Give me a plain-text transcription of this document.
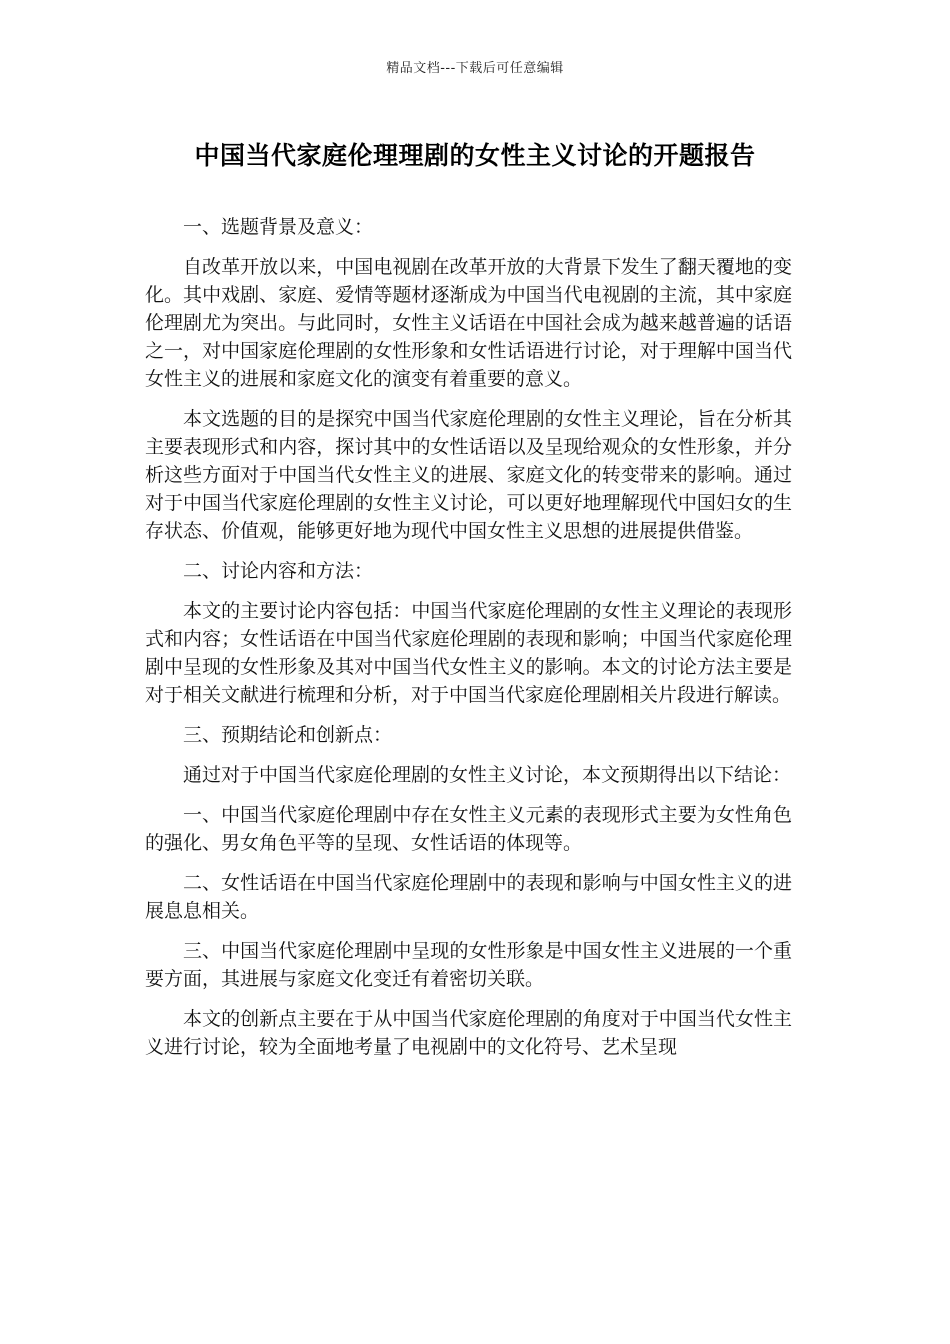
精品文档---下载后可任意编辑
中国当代家庭伦理理剧的女性主义讨论的开题报告

一、选题背景及意义：

自改革开放以来，中国电视剧在改革开放的大背景下发生了翻天覆地的变化。其中戏剧、家庭、爱情等题材逐渐成为中国当代电视剧的主流，其中家庭伦理剧尤为突出。与此同时，女性主义话语在中国社会成为越来越普遍的话语之一，对中国家庭伦理剧的女性形象和女性话语进行讨论，对于理解中国当代女性主义的进展和家庭文化的演变有着重要的意义。

本文选题的目的是探究中国当代家庭伦理剧的女性主义理论，旨在分析其主要表现形式和内容，探讨其中的女性话语以及呈现给观众的女性形象，并分析这些方面对于中国当代女性主义的进展、家庭文化的转变带来的影响。通过对于中国当代家庭伦理剧的女性主义讨论，可以更好地理解现代中国妇女的生存状态、价值观，能够更好地为现代中国女性主义思想的进展提供借鉴。

二、讨论内容和方法：

本文的主要讨论内容包括：中国当代家庭伦理剧的女性主义理论的表现形式和内容；女性话语在中国当代家庭伦理剧的表现和影响；中国当代家庭伦理剧中呈现的女性形象及其对中国当代女性主义的影响。本文的讨论方法主要是对于相关文献进行梳理和分析，对于中国当代家庭伦理剧相关片段进行解读。

三、预期结论和创新点：

通过对于中国当代家庭伦理剧的女性主义讨论，本文预期得出以下结论：

一、中国当代家庭伦理剧中存在女性主义元素的表现形式主要为女性角色的强化、男女角色平等的呈现、女性话语的体现等。

二、女性话语在中国当代家庭伦理剧中的表现和影响与中国女性主义的进展息息相关。

三、中国当代家庭伦理剧中呈现的女性形象是中国女性主义进展的一个重要方面，其进展与家庭文化变迁有着密切关联。

本文的创新点主要在于从中国当代家庭伦理剧的角度对于中国当代女性主义进行讨论，较为全面地考量了电视剧中的文化符号、艺术呈现
